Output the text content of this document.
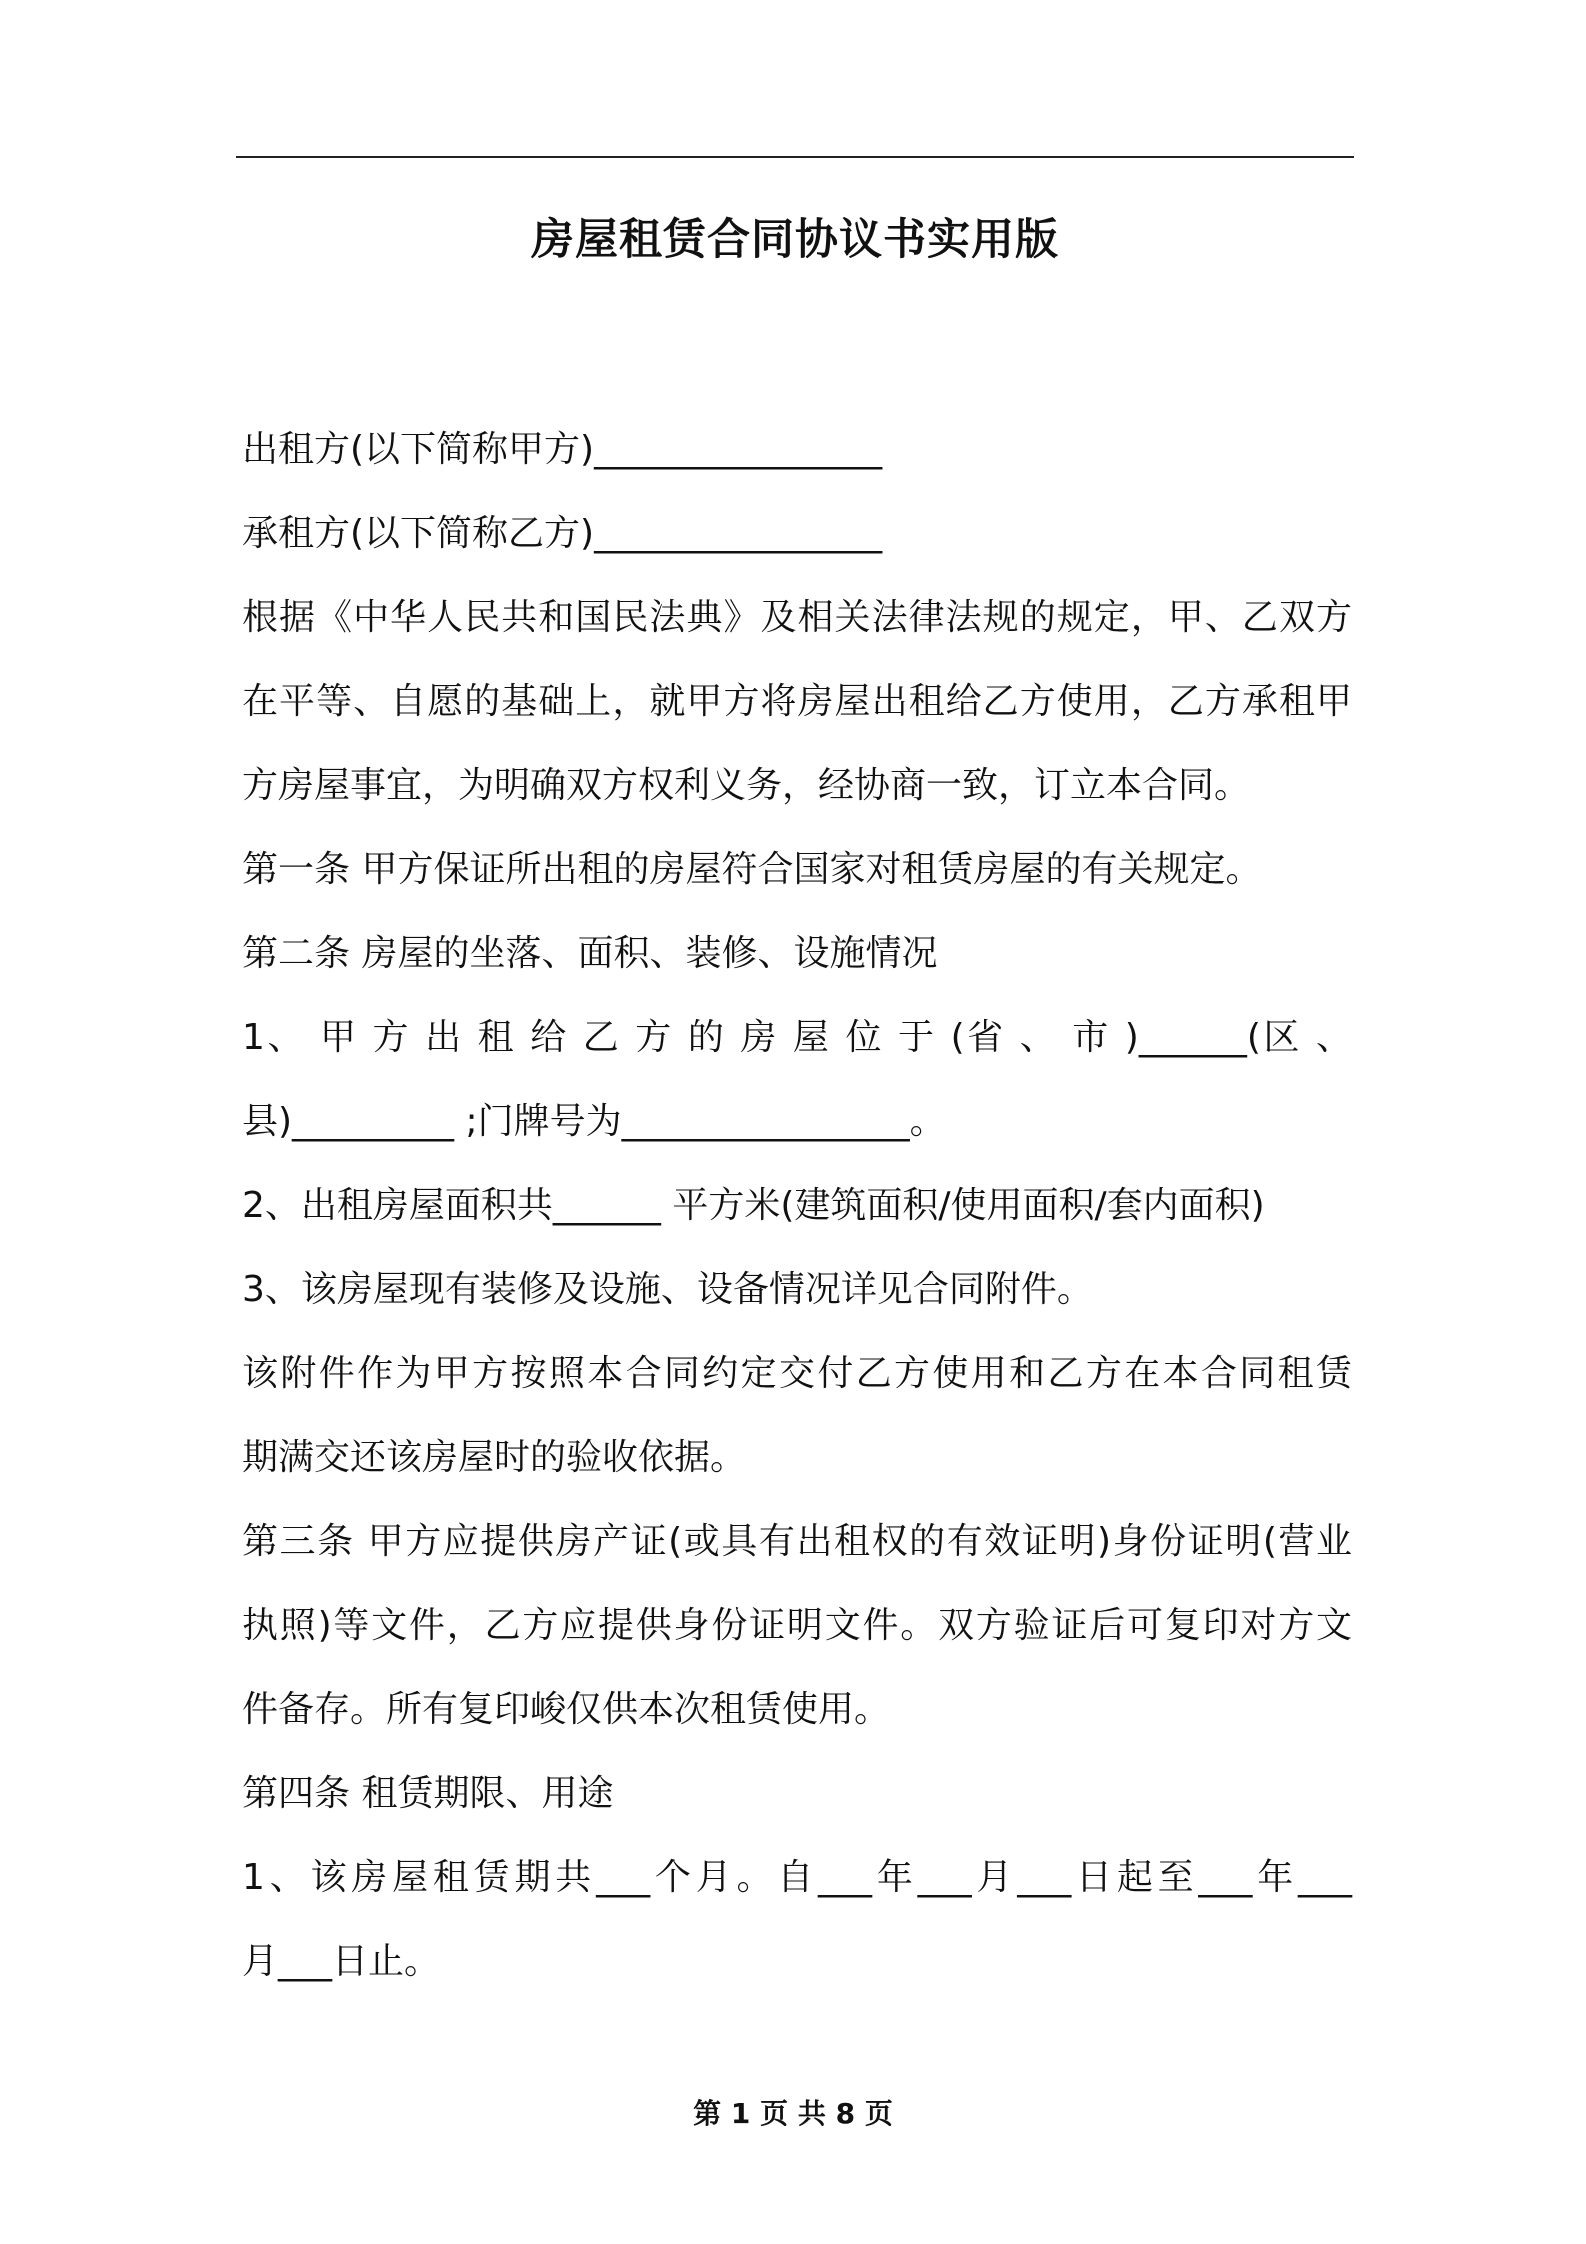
房屋租赁合同协议书实用版
出租方(以下简称甲方)________________
承租方(以下简称乙方)________________
根据《中华人民共和国民法典》及相关法律法规的规定，甲、乙双方
在平等、自愿的基础上，就甲方将房屋出租给乙方使用，乙方承租甲
方房屋事宜，为明确双方权利义务，经协商一致，订立本合同。
第一条 甲方保证所出租的房屋符合国家对租赁房屋的有关规定。
第二条 房屋的坐落、面积、装修、设施情况
1、 甲 方 出 租 给 乙 方 的 房 屋 位 于 (省 、 市 )______(区 、
县)_________ ;门牌号为________________。
2、出租房屋面积共______ 平方米(建筑面积/使用面积/套内面积)
3、该房屋现有装修及设施、设备情况详见合同附件。
该附件作为甲方按照本合同约定交付乙方使用和乙方在本合同租赁
期满交还该房屋时的验收依据。
第三条 甲方应提供房产证(或具有出租权的有效证明)身份证明(营业
执照)等文件，乙方应提供身份证明文件。双方验证后可复印对方文
件备存。所有复印峻仅供本次租赁使用。
第四条 租赁期限、用途
1、该房屋租赁期共___个月。自___年___月___日起至___年___
月___日止。
第 1 页 共 8 页
